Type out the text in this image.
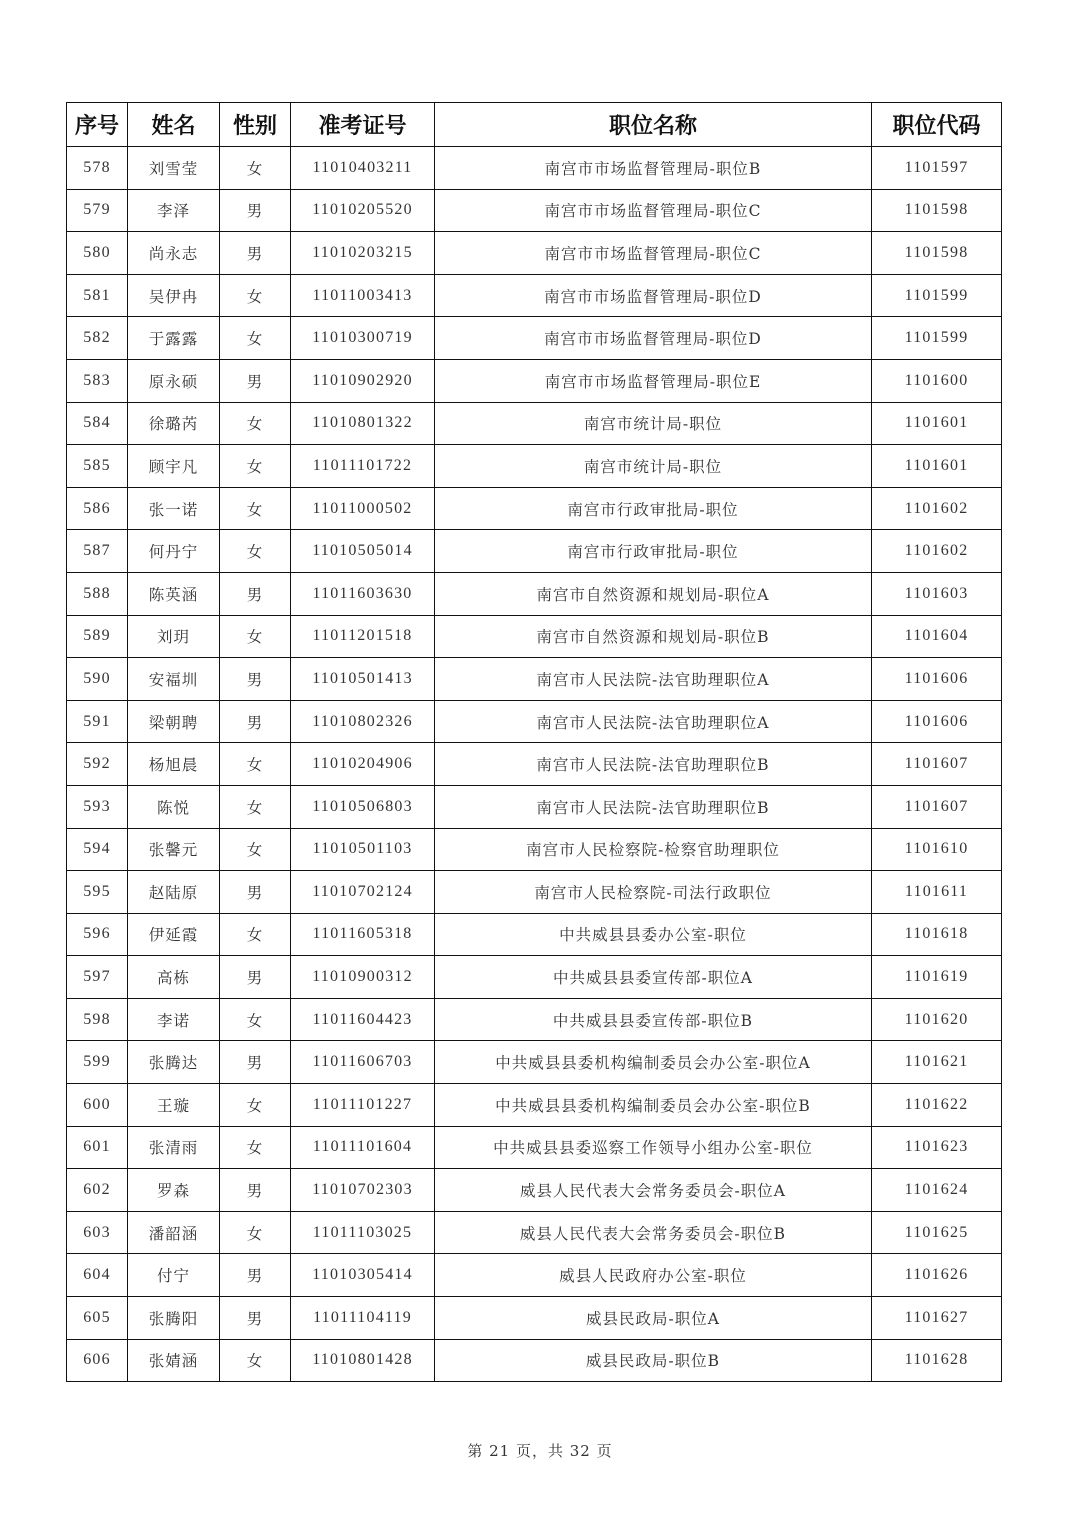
序号	姓名	性别	准考证号	职位名称	职位代码
578	刘雪莹	女	11010403211	南宫市市场监督管理局-职位B	1101597
579	李泽	男	11010205520	南宫市市场监督管理局-职位C	1101598
580	尚永志	男	11010203215	南宫市市场监督管理局-职位C	1101598
581	吴伊冉	女	11011003413	南宫市市场监督管理局-职位D	1101599
582	于露露	女	11010300719	南宫市市场监督管理局-职位D	1101599
583	原永硕	男	11010902920	南宫市市场监督管理局-职位E	1101600
584	徐璐芮	女	11010801322	南宫市统计局-职位	1101601
585	顾宇凡	女	11011101722	南宫市统计局-职位	1101601
586	张一诺	女	11011000502	南宫市行政审批局-职位	1101602
587	何丹宁	女	11010505014	南宫市行政审批局-职位	1101602
588	陈英涵	男	11011603630	南宫市自然资源和规划局-职位A	1101603
589	刘玥	女	11011201518	南宫市自然资源和规划局-职位B	1101604
590	安福圳	男	11010501413	南宫市人民法院-法官助理职位A	1101606
591	梁朝聘	男	11010802326	南宫市人民法院-法官助理职位A	1101606
592	杨旭晨	女	11010204906	南宫市人民法院-法官助理职位B	1101607
593	陈悦	女	11010506803	南宫市人民法院-法官助理职位B	1101607
594	张馨元	女	11010501103	南宫市人民检察院-检察官助理职位	1101610
595	赵陆原	男	11010702124	南宫市人民检察院-司法行政职位	1101611
596	伊延霞	女	11011605318	中共威县县委办公室-职位	1101618
597	高栋	男	11010900312	中共威县县委宣传部-职位A	1101619
598	李诺	女	11011604423	中共威县县委宣传部-职位B	1101620
599	张腾达	男	11011606703	中共威县县委机构编制委员会办公室-职位A	1101621
600	王璇	女	11011101227	中共威县县委机构编制委员会办公室-职位B	1101622
601	张清雨	女	11011101604	中共威县县委巡察工作领导小组办公室-职位	1101623
602	罗森	男	11010702303	威县人民代表大会常务委员会-职位A	1101624
603	潘韶涵	女	11011103025	威县人民代表大会常务委员会-职位B	1101625
604	付宁	男	11010305414	威县人民政府办公室-职位	1101626
605	张腾阳	男	11011104119	威县民政局-职位A	1101627
606	张婧涵	女	11010801428	威县民政局-职位B	1101628
第 21 页，共 32 页
